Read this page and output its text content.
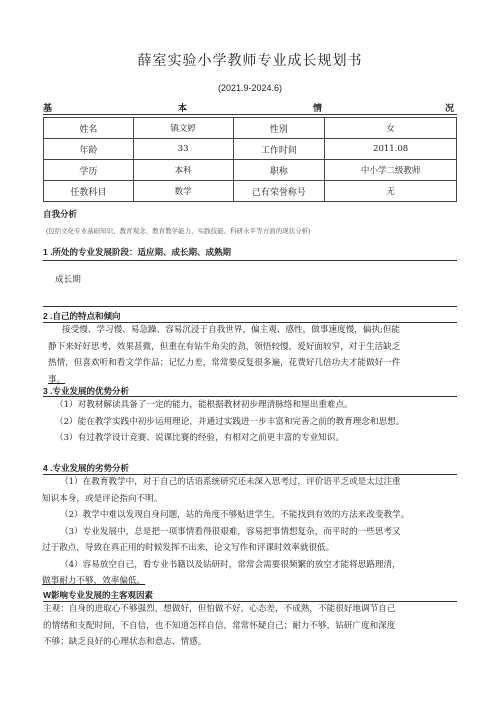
薛室实验小学教师专业成长规划书
(2021.9-2024.6)
基	本	情	况
姓名	镇文婷	性别	女
年龄	33	工作时间	2011.08
学历	本科	职称	中小学二级教师
任教科目	数学	己有荣誉称号	无
自我分析
(包括文化专业基础知识、教育观念、教育教学能力、实践技能、科研水平等方面的现状分析)
1 .所处的专业发展阶段：适应期、成长期、成熟期

成长期

2 .自己的特点和倾向

接受慢、学习慢、易急躁、容易沉浸于自我世界，偏主观、感性，做事速度慢，偏执;但能

静下来好好思考，效果甚微，但重在有钻牛角尖的劲，领悟较慢，爱好面较窄，对于生活缺乏

热情，但喜欢听和看文学作品；记忆力差，常常要反复很多遍，花费好几倍功夫才能做好一件

事。

3 .专业发展的优势分析

（1）对教材解读具备了一定的能力，能根据教材初步理清脉络和厘出重难点。

（2）能在教学实践中初步运用理论，并通过实践进一步丰富和完善之前的教育理念和思想。

（3）有过教学设计竞赛、说课比赛的经验，有相对之前更丰富的专业知识。

4 .专业发展的劣势分析

（1）在教育教学中，对于自己的话语系统研究还未深入思考过，评价语平乏或是太过注重

知识本身，或是评论指向不明。

（2）教学中难以发现自身问题，站的角度不够贴进学生，不能找到有效的方法来改变教学。

（3）专业发展中，总是把一项事情看得很艰难，容易把事情想复杂，而平时的一些思考又

过于散点，导致在真正用的时候发挥不出来，论文写作和评课时效率就很低。

（4）容易放空自己，看专业书籍以及钻研时，常常会需要很频繁的放空才能将思路理清，

做事耐力不够，效率偏低。

W影响专业发展的主客观因素

主观：自身的进取心不够强烈，想做好，但怕做不好，心态差，不成熟，不能很好地调节自己

的情绪和支配时间，不自信，也不知道怎样自信，常常怀疑自己；耐力不够，钻研广度和深度

不够；缺乏良好的心理状态和意志、情感。
